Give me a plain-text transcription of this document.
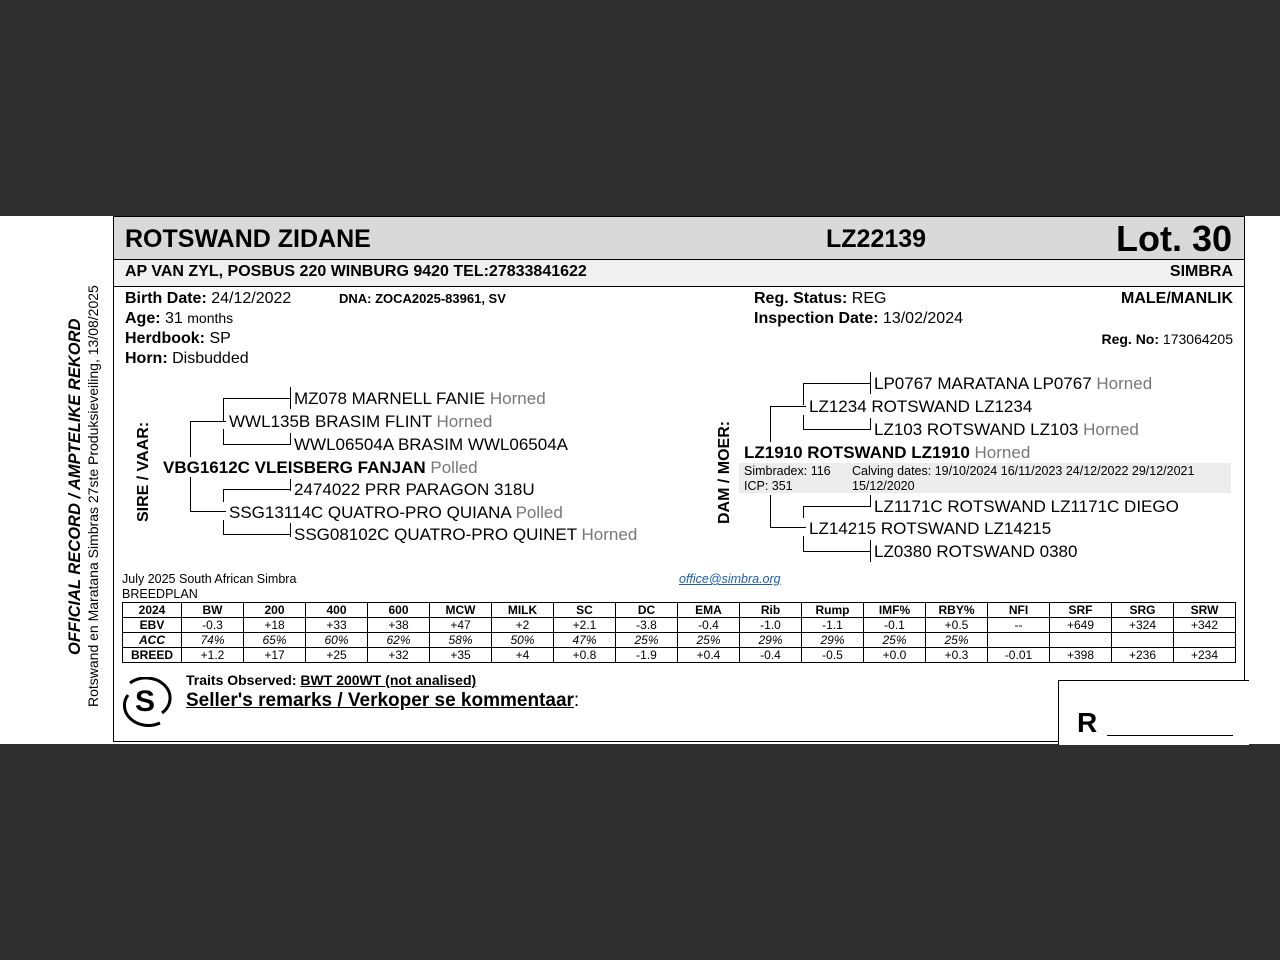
OFFICIAL RECORD / AMPTELIKE REKORD Rotswand en Maratana Simbras 27ste Produksieveiling, 13/08/2025
ROTSWAND ZIDANE	LZ22139	Lot. 30
AP VAN ZYL, POSBUS 220 WINBURG 9420 TEL:27833841622	SIMBRA
Birth Date: 24/12/2022	DNA: ZOCA2025-83961, SV
Age: 31 months
Herdbook: SP
Horn: Disbudded
Reg. Status: REG
Inspection Date: 13/02/2024
MALE/MANLIK
Reg. No: 173064205
SIRE / VAAR:
MZ078 MARNELL FANIE Horned
WWL135B BRASIM FLINT Horned
WWL06504A BRASIM WWL06504A
VBG1612C VLEISBERG FANJAN Polled
2474022 PRR PARAGON 318U
SSG13114C QUATRO-PRO QUIANA Polled
SSG08102C QUATRO-PRO QUINET Horned
DAM / MOER:
LP0767 MARATANA LP0767 Horned
LZ1234 ROTSWAND LZ1234
LZ103 ROTSWAND LZ103 Horned
LZ1910 ROTSWAND LZ1910 Horned
Simbradex: 116
ICP: 351
Calving dates: 19/10/2024 16/11/2023 24/12/2022 29/12/2021
15/12/2020
LZ1171C ROTSWAND LZ1171C DIEGO
LZ14215 ROTSWAND LZ14215
LZ0380 ROTSWAND 0380
July 2025 South African Simbra
BREEDPLAN
office@simbra.org
2024	BW	200	400	600	MCW	MILK	SC	DC	EMA	Rib	Rump	IMF%	RBY%	NFI	SRF	SRG	SRW
EBV	-0.3	+18	+33	+38	+47	+2	+2.1	-3.8	-0.4	-1.0	-1.1	-0.1	+0.5	--	+649	+324	+342
ACC	74%	65%	60%	62%	58%	50%	47%	25%	25%	29%	29%	25%	25%				
BREED	+1.2	+17	+25	+32	+35	+4	+0.8	-1.9	+0.4	-0.4	-0.5	+0.0	+0.3	-0.01	+398	+236	+234
S
Traits Observed: BWT 200WT (not analised)
Seller's remarks / Verkoper se kommentaar:
R
